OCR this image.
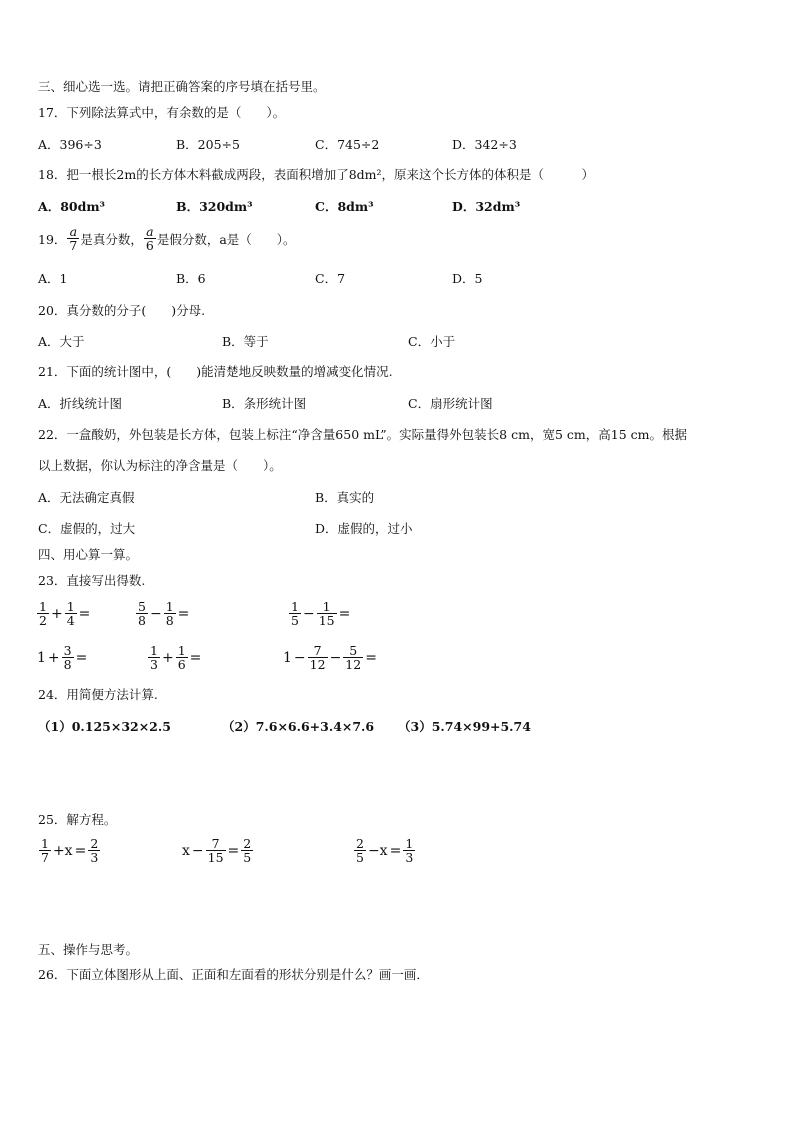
三、细心选一选。请把正确答案的序号填在括号里。
17．下列除法算式中，有余数的是（　　）。
A．396÷3	B．205÷5	C．745÷2	D．342÷3
18．把一根长2m的长方体木料截成两段，表面积增加了8dm²，原来这个长方体的体积是（　　　）
A．80dm³	B．320dm³	C．8dm³	D．32dm³
19． $\frac{a}{7}$ 是真分数， $\frac{a}{6}$ 是假分数，a是（　　）。
A．1	B．6	C．7	D．5
20．真分数的分子(　　)分母.
A．大于	B．等于	C．小于
21．下面的统计图中，(　　)能清楚地反映数量的增减变化情况.
A．折线统计图	B．条形统计图	C．扇形统计图
22．一盒酸奶，外包装是长方体，包装上标注“净含量650 mL”。实际量得外包装长8 cm，宽5 cm，高15 cm。根据
以上数据，你认为标注的净含量是（　　）。
A．无法确定真假	B．真实的
C．虚假的，过大	D．虚假的，过小
四、用心算一算。
23．直接写出得数.
$\frac{1}{2} + \frac{1}{4}$ =	$\frac{5}{8} - \frac{1}{8}$ =	$\frac{1}{5} - \frac{1}{15}$ =
$1 + \frac{3}{8}$ =	$\frac{1}{3} + \frac{1}{6}$ =	$1 - \frac{7}{12} - \frac{5}{12}$ =
24．用简便方法计算.
（1）0.125×32×2.5	（2）7.6×6.6+3.4×7.6 （3）5.74×99+5.74
25．解方程。
$\frac{1}{7} +x = \frac{2}{3}$	$x - \frac{7}{15} = \frac{2}{5}$	$\frac{2}{5} -x = \frac{1}{3}$
五、操作与思考。
26．下面立体图形从上面、正面和左面看的形状分别是什么？画一画．
